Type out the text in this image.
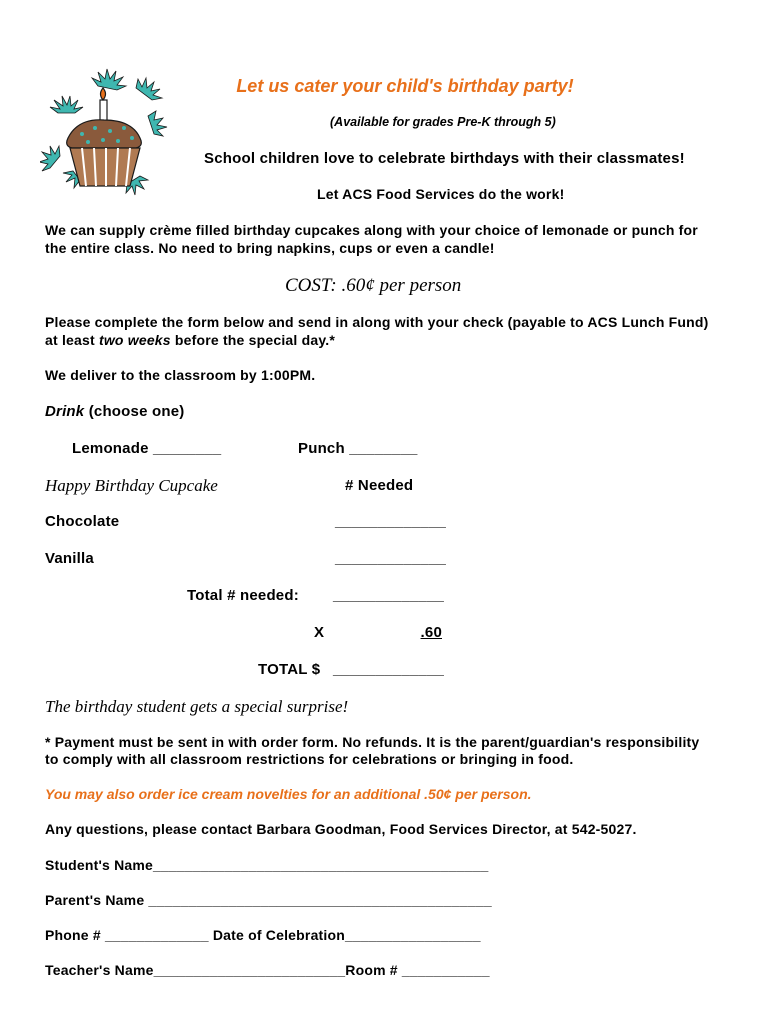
Let us cater your child's birthday party!
(Available for grades Pre-K through 5)
School children love to celebrate birthdays with their classmates!
Let ACS Food Services do the work!
We can supply crème filled birthday cupcakes along with your choice of lemonade or punch for
the entire class. No need to bring napkins, cups or even a candle!
COST: .60¢ per person
Please complete the form below and send in along with your check (payable to ACS Lunch Fund)
at least two weeks before the special day.*
We deliver to the classroom by 1:00PM.
Drink (choose one)
Lemonade ________	Punch ________
Happy Birthday Cupcake	# Needed
Chocolate	_____________
Vanilla	_____________
Total # needed: _____________
X	.60
TOTAL $ _____________
The birthday student gets a special surprise!
* Payment must be sent in with order form. No refunds. It is the parent/guardian's responsibility
to comply with all classroom restrictions for celebrations or bringing in food.
You may also order ice cream novelties for an additional .50¢ per person.
Any questions, please contact Barbara Goodman, Food Services Director, at 542-5027.
Student's Name__________________________________________
Parent's Name ___________________________________________
Phone # _____________ Date of Celebration_________________
Teacher's Name________________________Room # ___________
